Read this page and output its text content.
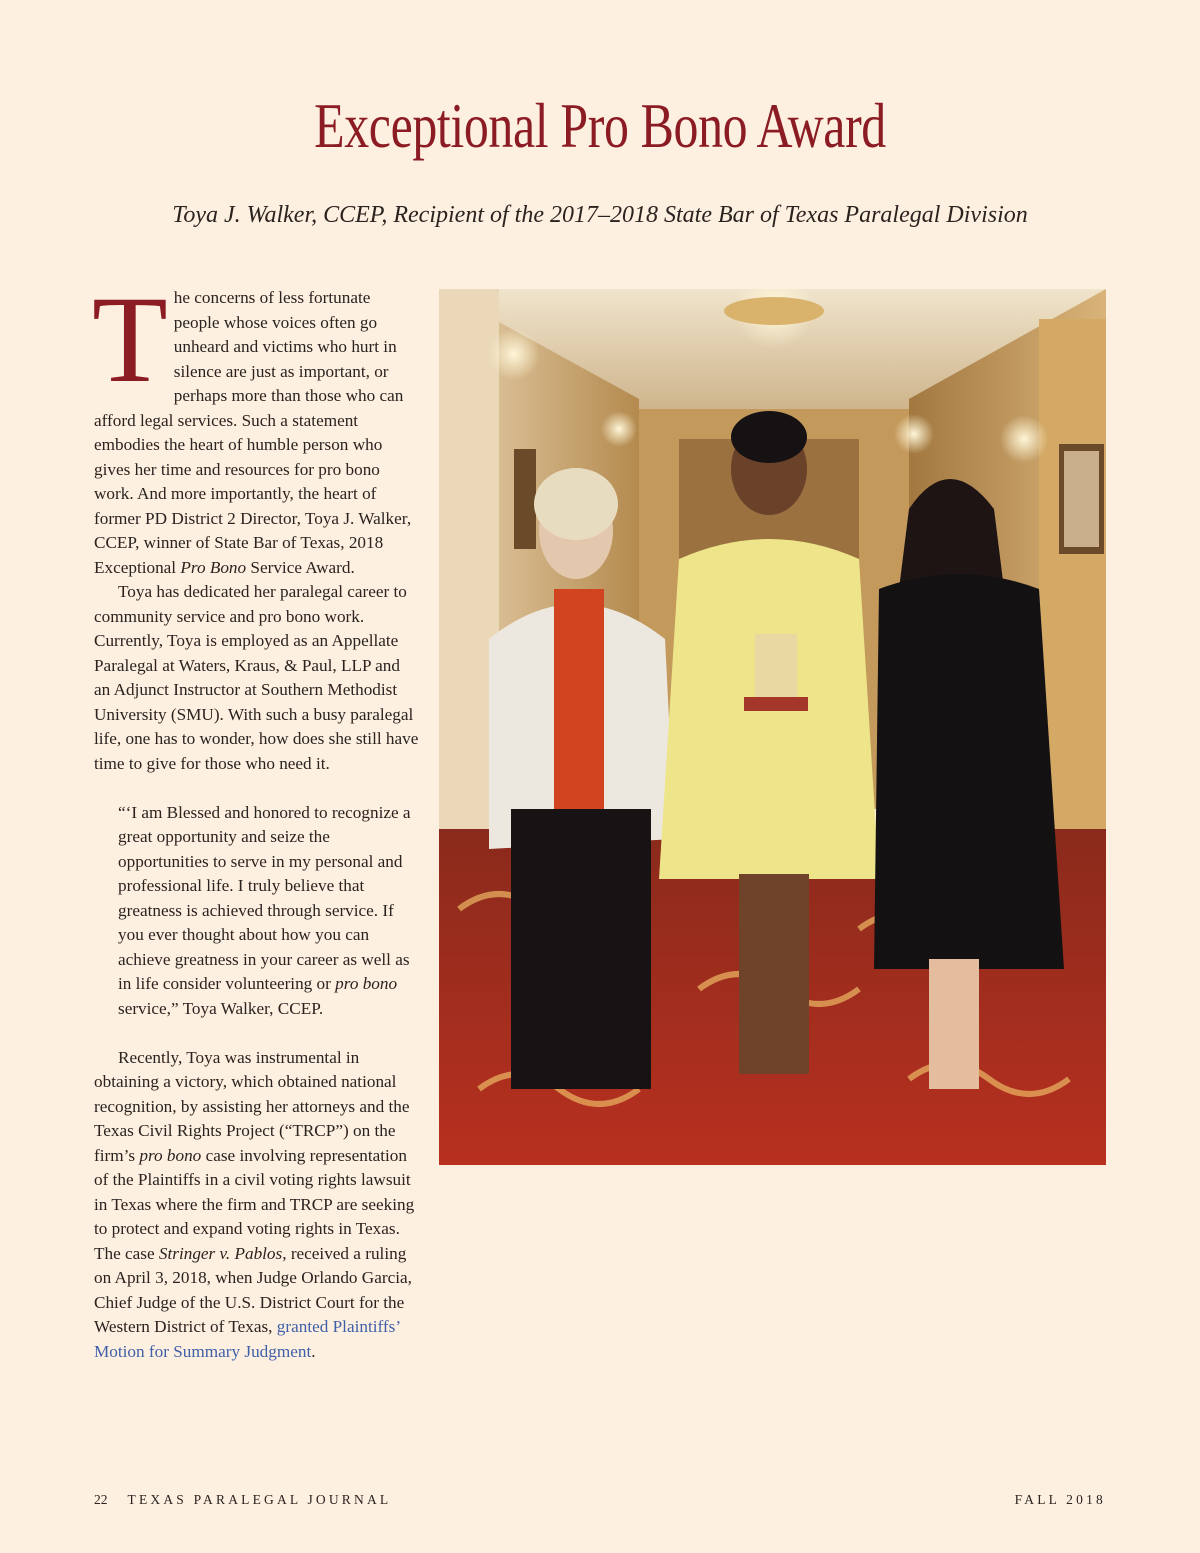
Exceptional Pro Bono Award
Toya J. Walker, CCEP, Recipient of the 2017–2018 State Bar of Texas Paralegal Division

The concerns of less fortunate people whose voices often go unheard and victims who hurt in silence are just as important, or perhaps more than those who can afford legal services. Such a statement embodies the heart of humble person who gives her time and resources for pro bono work. And more importantly, the heart of former PD District 2 Director, Toya J. Walker, CCEP, winner of State Bar of Texas, 2018 Exceptional Pro Bono Service Award.

Toya has dedicated her paralegal career to community service and pro bono work. Currently, Toya is employed as an Appellate Paralegal at Waters, Kraus, & Paul, LLP and an Adjunct Instructor at Southern Methodist University (SMU). With such a busy paralegal life, one has to wonder, how does she still have time to give for those who need it.

“‘I am Blessed and honored to recognize a great opportunity and seize the opportunities to serve in my personal and professional life. I truly believe that greatness is achieved through service. If you ever thought about how you can achieve greatness in your career as well as in life consider volunteering or pro bono service,” Toya Walker, CCEP.

Recently, Toya was instrumental in obtaining a victory, which obtained national recognition, by assisting her attorneys and the Texas Civil Rights Project (“TRCP”) on the firm’s pro bono case involving representation of the Plaintiffs in a civil voting rights lawsuit in Texas where the firm and TRCP are seeking to protect and expand voting rights in Texas. The case Stringer v. Pablos, received a ruling on April 3, 2018, when Judge Orlando Garcia, Chief Judge of the U.S. District Court for the Western District of Texas, granted Plaintiffs’ Motion for Summary Judgment.

22 TEXAS PARALEGAL JOURNAL	FALL 2018
